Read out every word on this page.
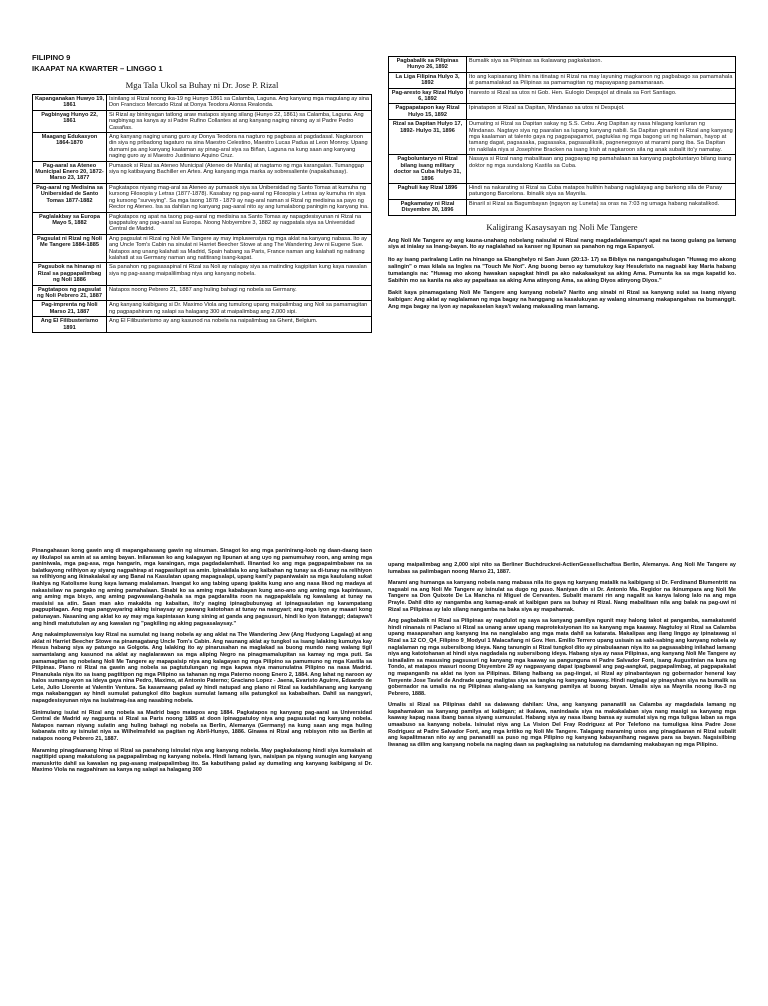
FILIPINO 9
IKAAPAT NA KWARTER – LINGGO 1
Mga Tala Ukol sa Buhay ni Dr. Jose P. Rizal
Kapanganakan Huwyo 19, 1861	Isinilang si Rizal noong ika-19 ng Hunyo 1861 sa Calamba, Laguna. Ang kanyang mga magulang ay sina Don Francisco Mercado Rizal at Donya Teodora Alonsa Realonda.
Pagbinyag Hunyo 22, 1861	Si Rizal ay bininyagan tatlong araw matapos siyang silang (Hunyo 22, 1861) sa Calamba, Laguna. Ang nagbinyag sa kanya ay si Padre Rufino Collantes at ang kanyang naging ninong ay si Padre Pedro Casañas.
Maagang Edukasyon 1864-1870	Ang kanyang naging unang guro ay Donya Teodora na nagturo ng pagbasa at pagdadasal. Nagkaroon din siya ng pribadong tagaturo na sina Maestro Celestino, Maestro Lucas Padua at Leon Monroy. Upang dumami pa ang kanyang kaalaman ay pinag-aral siya sa Biñan, Laguna na kung saan ang kanyang naging guro ay si Maestro Justiniano Aquino Cruz.
Pag-aaral sa Ateneo Municipal Enero 20, 1872- Marso 23, 1877	Pumasok si Rizal sa Ateneo Municipal (Ateneo de Manila) at nagtamo ng mga karangalan. Tumanggap siya ng katibayang Bachiller en Artes. Ang kanyang mga marka ay sobresaliente (napakahusay).
Pag-aaral ng Medisina sa Unibersidad de Santo Tomas 1877-1882	Pagkatapos niyang mag-aral sa Ateneo ay pumasok siya sa Unibersidad ng Santo Tomas at kumuha ng kursong Filosopia y Letras (1877-1878). Kasabay ng pag-aaral ng Filosopia y Letras ay kumuha rin siya ng kursong "surveying". Sa mga taong 1878 - 1879 ay nag-aral naman si Rizal ng medisina sa payo ng Rector ng Ateneo. Isa sa dahilan ng kanyang pag-aaral nito ay ang lumalabong paningin ng kanyang ina.
Paglalakbay sa Europa Mayo 5, 1882	Pagkatapos ng apat na taong pag-aaral ng medisina sa Santo Tomas ay napagdesisyunan ni Rizal na ipagpatuloy ang pag-aaral sa Europa. Noong Nobyembre 3, 1882 ay nagpatala siya sa Universidad Central de Madrid.
Pagsulat ni Rizal ng Noli Me Tangere 1884-1885	Ang pagsulat ni Rizal ng Noli Me Tangere ay may impluwensiya ng mga aklat na kanyang nabasa. Ito ay ang Uncle Tom's Cabin na sinulat ni Harriet Beecher Stowe at ang The Wandering Jew ni Eugene Sue. Natapos ang unang kalahati sa Madrid, Spain habang sa Paris, France naman ang kalahati ng natirang kalahati at sa Germany naman ang natitirang isang-kapat.
Pagsubok na hinarap ni Rizal sa pagpapalimbag ng Noli 1886	Sa panahon ng pagsasapinal ni Rizal sa Noli ay nalagay siya sa matinding kagipitan kung kaya nawalan siya ng pag-asang maipalilimbag niya ang kanyang nobela.
Pagtatapos ng pagsulat ng Noli Pebrero 21, 1887	Natapos noong Pebrero 21, 1887 ang huling bahagi ng nobela sa Germany.
Pag-imprenta ng Noli Marso 21, 1887	Ang kanyang kaibigang si Dr. Maximo Viola ang tumulong upang maipalimbag ang Noli sa pamamagitan ng pagpapahiram ng salapi sa halagang 300 at maipalimbag ang 2,000 sipi.
Ang El Filibusterismo 1891	Ang El Filibusterismo ay ang kasunod na nobela na naipalimbag sa Ghent, Belgium.
Pagbabalik sa Pilipinas Hunyo 26, 1892	Bumalik siya sa Pilipinas sa ikalawang pagkakataon.
La Liga Filipina Hulyo 3, 1892	Ito ang kapisanang lihim na itinatag ni Rizal na may layuning magkaroon ng pagbabago sa pamamahala at pamamalakad sa Pilipinas sa pamamagitan ng mapayapang pamamaraan.
Pag-aresto kay Rizal Hulyo 6, 1892	Inaresto si Rizal sa utos ni Gob. Hen. Eulogio Despujol at dinala sa Fort Santiago.
Pagpapatapon kay Rizal Hulyo 15, 1892	Ipinatapon si Rizal sa Dapitan, Mindanao sa utos ni Despujol.
Rizal sa Dapitan Hulyo 17, 1892- Hulyo 31, 1896	Dumating si Rizal sa Dapitan sakay ng S.S. Cebu. Ang Dapitan ay nasa hilagang kanluran ng Mindanao. Nagtayo siya ng paaralan sa lupang kanyang nabili. Sa Dapitan ginamit ni Rizal ang kanyang mga kaalaman at talento gaya ng pagpapagamot, pagtuklas ng mga bagong uri ng halaman, hayop at tamang dagat, pagsasaka, pagsasaka, pagsasaliksik, pagnenegosyo at marami pang iba. Sa Dapitan rin nakilala niya si Josephine Bracken na isang Irish at nagkaroon sila ng anak subalit ito'y namatay.
Pagboluntaryo ni Rizal bilang isang military doctor sa Cuba Hulyo 31, 1896	Nasaya si Rizal nang mabalitaan ang pagpayag ng pamahalaan sa kanyang pagboluntaryo bilang isang doktor ng mga sundalong Kastila sa Cuba.
Paghuli kay Rizal 1896	Hindi na nakarating si Rizal sa Cuba matapos hulihin habang naglalayag ang barkong sila de Panay patungong Barcelona. Ibinalik siya sa Maynila.
Pagkamatay ni Rizal Disyembre 30, 1896	Binaril si Rizal sa Bagumbayan (ngayon ay Luneta) sa oras na 7:03 ng umaga habang nakatalikod.
Kaligirang Kasaysayan ng Noli Me Tangere

Ang Noli Me Tangere ay ang kauna-unahang nobelang naisulat ni Rizal nang magdadalawampu't apat na taong gulang pa lamang siya at inialay sa Inang-bayan. Ito ay naglalahad sa kanser ng lipunan sa panahon ng mga Espanyol.

Ito ay isang pariralang Latin na hinango sa Ebanghelyo ni San Juan (20:13- 17) sa Bibliya na nangangahulugan "Huwag mo akong salingin" o mas kilala sa Ingles na "Touch Me Not". Ang buong berso ay tumutukoy kay Hesukristo na nagsabi kay Maria habang tumatangis na: "Huwag mo akong hawakan sapagkat hindi pa ako nakakaakyat sa aking Ama. Pumunta ka sa mga kapatid ko. Sabihin mo sa kanila na ako ay papaitaas sa aking Ama atinyong Ama, sa aking Diyos atinyong Diyos."

Bakit kaya pinamagatang Noli Me Tangere ang kanyang nobela? Narito ang sinabi ni Rizal sa kanyang sulat sa isang niyang kaibigan: Ang aklat ay naglalaman ng mga bagay na hanggang sa kasalukuyan ay walang sinumang makapangahas na bumanggit. Ang mga bagay na iyon ay napakaselan kaya't walang makasaling man lamang.

Pinangahasan kong gawin ang di mapangahasang gawin ng sinuman. Sinagot ko ang mga paninirang-loob ng daan-daang taon ay iikulapol sa amin at sa aming bayan. Inilarawan ko ang kalagayan ng lipunan at ang uyo ng pamumuhay roon, ang aming mga paniniwala, mga pag-asa, mga hangarin, mga karaingan, mga pagdadalamhati. Ilinantad ko ang mga pagpapaimbabaw na sa balatkayong relihiyon ay siyang nagpahirap at nagpasilupit sa amin. Ipinakilala ko ang kaibahan ng tunay sa di-tunay na relihiyon sa relihiyong ang ikinakalakal ay ang Banal na Kasulatan upang mapagsalapi, upang kami'y papaniwalain sa mga kaululang sukat ikahiya ng Katolisme kung kaya lamang malalaman. Inangat ko ang tabing upang ipakita kung ano ang nasa likod ng madaya at nakasisilaw na pangako ng aming pamahalaan. Sinabi ko sa aming mga kababayan kung ano-ano ang aming mga kapintasan, ang aming mga bisyo, ang aming pagwawalang-bahala sa mga pagdaralita roon na nagpapakilala ng kawalang at tunay na masisisi sa atin. Saan man ako makakita ng kabaitan, ito'y naging ipinagbubunyag at ipinagsaulatan ng karampatang pagpupitagan. Ang mga pangyayaring aking isinaysay ay pawang katotohan at tunay na nangyari; ang mga iyon ay maaari kong patunayan. Nasaning ang aklat ko ay may mga kapintasan kung sining at ganda ang pagsusuri, hindi ko iyon itatanggi; datapwa't ang hindi matututulan ay ang kawalan ng "pagkiling ng aking pagsasalaysay."

Ang nakaimpluwensiya kay Rizal na sumulat ng isang nobela ay ang aklat na The Wandering Jew (Ang Hudyong Lagalag) at ang aklat ni Harriet Beecher Stowe na pinamagatang Uncle Tom's Cabin. Ang naunang aklat ay tungkol sa isang lalaking kumutya kay Hesus habang siya ay patungo sa Golgota. Ang lalaking ito ay pinarusahan na maglakad sa buong mundo nang walang tigil samantalang ang kasunod na aklat ay naglalarawan sa mga aliping Negro na pinagmamalupitan sa kamay ng mga puti. Sa pamamagitan ng nobelang Noli Me Tangere ay mapapaisip niya ang kalagayan ng mga Pilipino sa pamumuno ng mga Kastila sa Pilipinas. Plano ni Rizal na gawin ang nobela sa pagtutulungan ng mga kapwa niya manunulatna Pilipino na nasa Madrid. Pinanukala niya ito sa isang pagtitipon ng mga Pilipino sa tahanan ng mga Paterno noong Enero 2, 1884. Ang lahat ng naroon ay halos sumang-ayon sa ideya gaya nina Pedro, Maximo, at Antonio Paterno; Graciano Lopez - Jaena, Evaristo Aguirre, Eduardo de Lete, Julio Llorente at Valentin Ventura. Sa kasamaang palad ay hindi natupad ang plano ni Rizal sa kadahilanang ang kanyang mga nakabanggan ay hindi sumulat patungkol dito bagkus sumulat lamang sila patungkol sa kababaihan. Dahil sa nangyari, napagdesisyunan niya na isulatmag-isa ang nasabing nobela.

Sinimulang isulat ni Rizal ang nobela sa Madrid bago matapos ang 1884. Pagkatapos ng kanyang pag-aaral sa Universidad Central de Madrid ay nagpunta si Rizal sa Paris noong 1885 at doon ipinagpatuloy niya ang pagsusulat ng kanyang nobela. Natapos naman niyang sulatin ang huling bahagi ng nobela sa Berlin, Alemanya (Germany) na kung saan ang mga huling kabanata nito ay isinulat niya sa Wilhelmsfeld sa pagitan ng Abril-Hunyo, 1886. Ginawa ni Rizal ang rebisyon nito sa Berlin at natapos noong Pebrero 21, 1887.

Maraming pinagdaanang hirap si Rizal sa panahong isinulat niya ang kanyang nobela. May pagkakataong hindi siya kumakain at nagtitipid upang makatulong sa pagpapalimbag ng kanyang nobela. Hindi lamang iyan, naisipan pa niyang sunugin ang kanyang manuskrito dahil sa kawalan ng pag-asang maipapalimbag ito. Sa kabutihang palad ay dumating ang kanyang kaibigang si Dr. Maximo Viola na nagpahiram sa kanya ng salapi sa halagang 300

upang maipalimbag ang 2,000 sipi nito sa Berliner Buchdruckrei-ActienGessellschaftsa Berlin, Alemanya. Ang Noli Me Tangere ay lumabas sa palimbagan noong Marso 21, 1887.

Marami ang humanga sa kanyang nobela nang mabasa nila ito gaya ng kanyang matalik na kaibigang si Dr. Ferdinand Blumentritt na nagsabi na ang Noli Me Tangere ay isinulat sa dugo ng puso. Naniyan din si Dr. Antonio Ma. Regidor na ikinumpara ang Noli Me Tangere sa Don Quixote De La Mancha ni Miguel de Cervantes. Subalit marami rin ang nagalit sa kanya lalong lalo na ang mga Prayle. Dahil dito ay nangamba ang kamag-anak at kaibigan para sa buhay ni Rizal. Nang mabalitaan nila ang balak na pag-uwi ni Rizal sa Pilipinas ay lalo silang nangamba na baka siya ay mapahamak.

Ang pagbabalik ni Rizal sa Pilipinas ay nagdulot ng saya sa kanyang pamilya ngunit may halong takot at pangamba, samakatuwid hindi ninanais ni Paciano si Rizal sa unang araw upang maproteksiyonan ito sa kanyang mga kaaway. Nagtuloy si Rizal sa Calamba upang masaparahan ang kanyang ina na nanglalabo ang mga mata dahil sa katarata. Makalipas ang ilang linggo ay ipinatawag si Rizal sa 12 CO_Q4_Filipino 9_Modyul 1 Malacañang ni Gov. Hen. Emilio Terrero upang usisain sa sabi-sabing ang kanyang nobela ay naglalaman ng mga subersibong ideya. Nang tanungin si Rizal tungkol dito ay pinabulaanan niya ito sa pagsasabing inilahad lamang niya ang katotohanan at hindi siya nagdadala ng subersibong ideya. Habang siya ay nasa Pilipinas, ang kanyang Noli Me Tangere ay isinailalim sa masusing pagsusuri ng kanyang mga kaaway sa pangunguna ni Padre Salvador Font, isang Augustinian na kura ng Tondo, at matapos masuri noong Disyembre 29 ay nagpasyang dapat ipagbawal ang pag-aangkat, pagpapalimbag, at pagpapakalat ng mapanganib na aklat na iyon sa Pilipinas. Bilang halbang sa pag-iingat, si Rizal ay pinabantayan ng gobernador heneral kay Tenyente Jose Taviel de Andrade upang maligtas siya sa tangka ng kanyang kaaway. Hindi nagtagal ay pinayuhan siya na bumalik sa gobernador na umalis na ng Pilipinas alang-alang sa kanyang pamilya at buong bayan. Umalis siya sa Maynila noong ika-3 ng Pebrero, 1888.

Umalis si Rizal sa Pilipinas dahil sa dalawang dahilan: Una, ang kanyang pananatili sa Calamba ay magdadala lamang ng kapahamakan sa kanyang pamilya at kaibigan; at ikalawa, nanindaala siya na makakalaban siya nang masigi sa kanyang mga kaaway kapag nasa ibang bansa siyang sumusulat. Habang siya ay nasa ibang bansa ay sumulat siya ng mga tuligsa laban sa mga umaabuso sa kanyang nobela. Isinulat niya ang La Vision Del Fray Rodriguez at Por Telefono na tumuligsa kina Padre Jose Rodriguez at Padre Salvador Font, ang mga kritiko ng Noli Me Tangere. Talagang maraming unos ang pinagdaanan ni Rizal subalit ang kapalitmaran nito ay ang pananatili sa puso ng mga Pilipino ng kanyang kabayanihang nagawa para sa bayan. Nagsisilbing liwanag sa dilim ang kanyang nobela na naging daan sa pagkagising sa natutulog na damdaming makabayan ng mga Pilipino.
